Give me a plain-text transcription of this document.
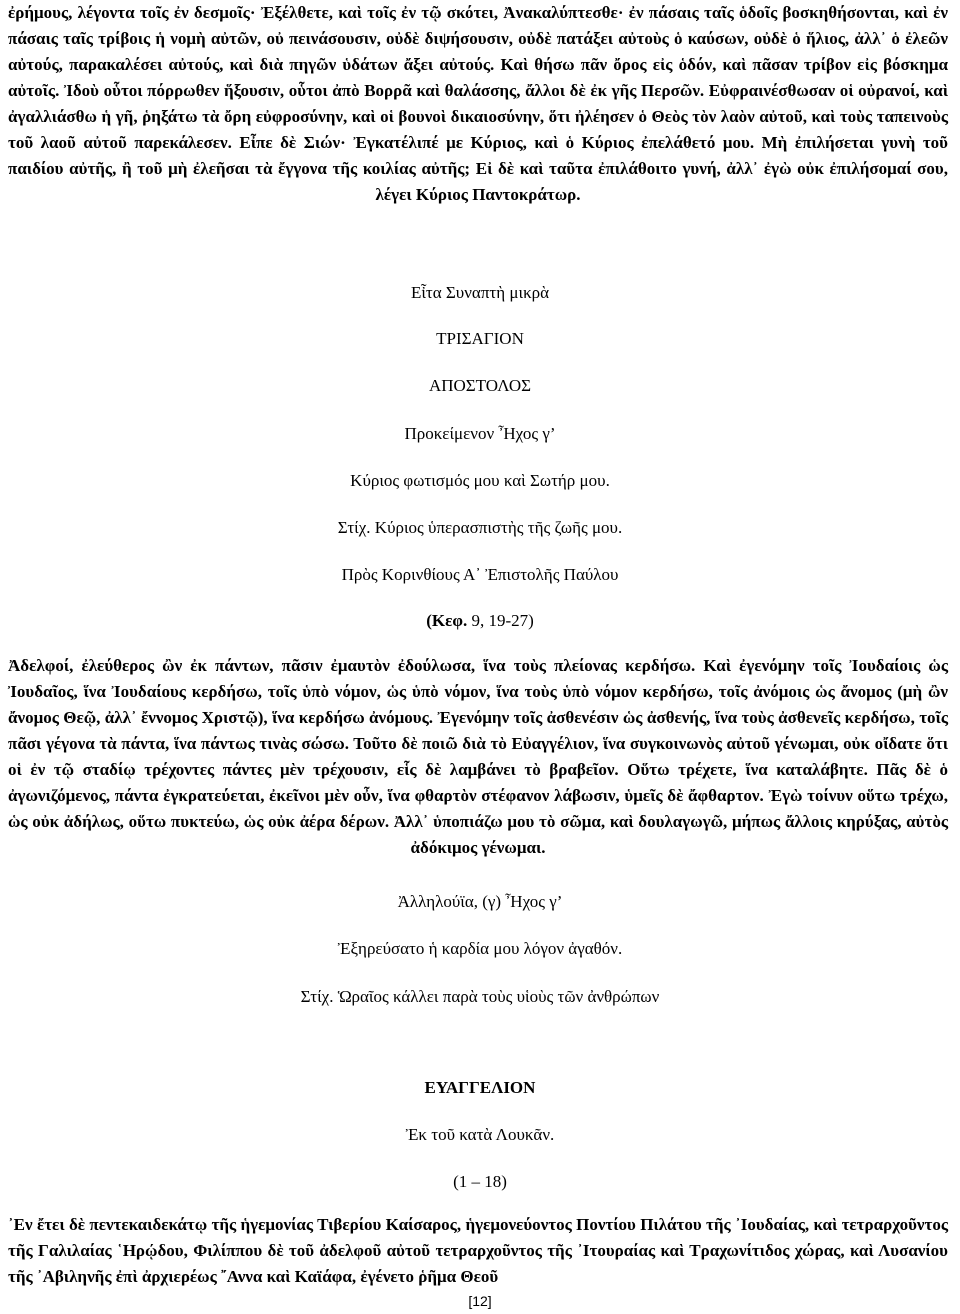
ἐρήμους, λέγοντα τοῖς ἐν δεσμοῖς· Ἐξέλθετε, καὶ τοῖς ἐν τῷ σκότει, Ἀνακαλύπτεσθε· ἐν πάσαις ταῖς ὁδοῖς βοσκηθήσονται, καὶ ἐν πάσαις ταῖς τρίβοις ἡ νομὴ αὐτῶν, οὐ πεινάσουσιν, οὐδὲ διψήσουσιν, οὐδὲ πατάξει αὐτοὺς ὁ καύσων, οὐδὲ ὁ ἥλιος, ἀλλ᾽ ὁ ἐλεῶν αὐτούς, παρακαλέσει αὐτούς, καὶ διὰ πηγῶν ὑδάτων ἄξει αὐτούς. Καὶ θήσω πᾶν ὄρος εἰς ὁδόν, καὶ πᾶσαν τρίβον εἰς βόσκημα αὐτοῖς. Ἰδοὺ οὗτοι πόρρωθεν ἥξουσιν, οὗτοι ἀπὸ Βορρᾶ καὶ θαλάσσης, ἄλλοι δὲ ἐκ γῆς Περσῶν. Εὐφραινέσθωσαν οἱ οὐρανοί, καὶ ἀγαλλιάσθω ἡ γῆ, ῥηξάτω τὰ ὄρη εὐφροσύνην, καὶ οἱ βουνοὶ δικαιοσύνην, ὅτι ἠλέησεν ὁ Θεὸς τὸν λαὸν αὐτοῦ, καὶ τοὺς ταπεινοὺς τοῦ λαοῦ αὐτοῦ παρεκάλεσεν. Εἶπε δὲ Σιών· Ἐγκατέλιπέ με Κύριος, καὶ ὁ Κύριος ἐπελάθετό μου. Μὴ ἐπιλήσεται γυνὴ τοῦ παιδίου αὐτῆς, ἢ τοῦ μὴ ἐλεῆσαι τὰ ἔγγονα τῆς κοιλίας αὐτῆς; Εἰ δὲ καὶ ταῦτα ἐπιλάθοιτο γυνή, ἀλλ᾽ ἐγὼ οὐκ ἐπιλήσομαί σου, λέγει Κύριος Παντοκράτωρ.

Εἶτα Συναπτὴ μικρὰ

ΤΡΙΣΑΓΙΟΝ

ΑΠΟΣΤΟΛΟΣ

Προκείμενον Ἦχος γ’

Κύριος φωτισμός μου καὶ Σωτήρ μου.

Στίχ. Κύριος ὑπερασπιστὴς τῆς ζωῆς μου.

Πρὸς Κορινθίους Α᾽ Ἐπιστολῆς Παύλου

(Κεφ. 9, 19-27)

Ἀδελφοί, ἐλεύθερος ὢν ἐκ πάντων, πᾶσιν ἐμαυτὸν ἐδούλωσα, ἵνα τοὺς πλείονας κερδήσω. Καὶ ἐγενόμην τοῖς Ἰουδαίοις ὡς Ἰουδαῖος, ἵνα Ἰουδαίους κερδήσω, τοῖς ὑπὸ νόμον, ὡς ὑπὸ νόμον, ἵνα τοὺς ὑπὸ νόμον κερδήσω, τοῖς ἀνόμοις ὡς ἄνομος (μὴ ὢν ἄνομος Θεῷ, ἀλλ᾽ ἔννομος Χριστῷ), ἵνα κερδήσω ἀνόμους. Ἐγενόμην τοῖς ἀσθενέσιν ὡς ἀσθενής, ἵνα τοὺς ἀσθενεῖς κερδήσω, τοῖς πᾶσι γέγονα τὰ πάντα, ἵνα πάντως τινὰς σώσω. Τοῦτο δὲ ποιῶ διὰ τὸ Εὐαγγέλιον, ἵνα συγκοινωνὸς αὐτοῦ γένωμαι, οὐκ οἴδατε ὅτι οἱ ἐν τῷ σταδίῳ τρέχοντες πάντες μὲν τρέχουσιν, εἷς δὲ λαμβάνει τὸ βραβεῖον. Οὕτω τρέχετε, ἵνα καταλάβητε. Πᾶς δὲ ὁ ἀγωνιζόμενος, πάντα ἐγκρατεύεται, ἐκεῖνοι μὲν οὖν, ἵνα φθαρτὸν στέφανον λάβωσιν, ὑμεῖς δὲ ἄφθαρτον. Ἐγὼ τοίνυν οὕτω τρέχω, ὡς οὐκ ἀδήλως, οὕτω πυκτεύω, ὡς οὐκ ἀέρα δέρων. Ἀλλ᾽ ὑποπιάζω μου τὸ σῶμα, καὶ δουλαγωγῶ, μήπως ἄλλοις κηρύξας, αὐτὸς ἀδόκιμος γένωμαι.

Ἀλληλούϊα, (γ) Ἦχος γ’

Ἐξηρεύσατο ἡ καρδία μου λόγον ἀγαθόν.

Στίχ. Ὡραῖος κάλλει παρὰ τοὺς υἱοὺς τῶν ἀνθρώπων

ΕΥΑΓΓΕΛΙΟΝ

Ἐκ τοῦ κατὰ Λουκᾶν.

(1 – 18)

᾿Εν ἔτει δὲ πεντεκαιδεκάτῳ τῆς ἡγεμονίας Τιβερίου Καίσαρος, ἡγεμονεύοντος Ποντίου Πιλάτου τῆς ᾿Ιουδαίας, καὶ τετραρχοῦντος τῆς Γαλιλαίας ῾Ηρῴδου, Φιλίππου δὲ τοῦ ἀδελφοῦ αὐτοῦ τετραρχοῦντος τῆς ᾿Ιτουραίας καὶ Τραχωνίτιδος χώρας, καὶ Λυσανίου τῆς ᾿Αβιληνῆς ἐπὶ ἀρχιερέως ῎Αννα καὶ Καϊάφα, ἐγένετο ῥῆμα Θεοῦ

[12]
